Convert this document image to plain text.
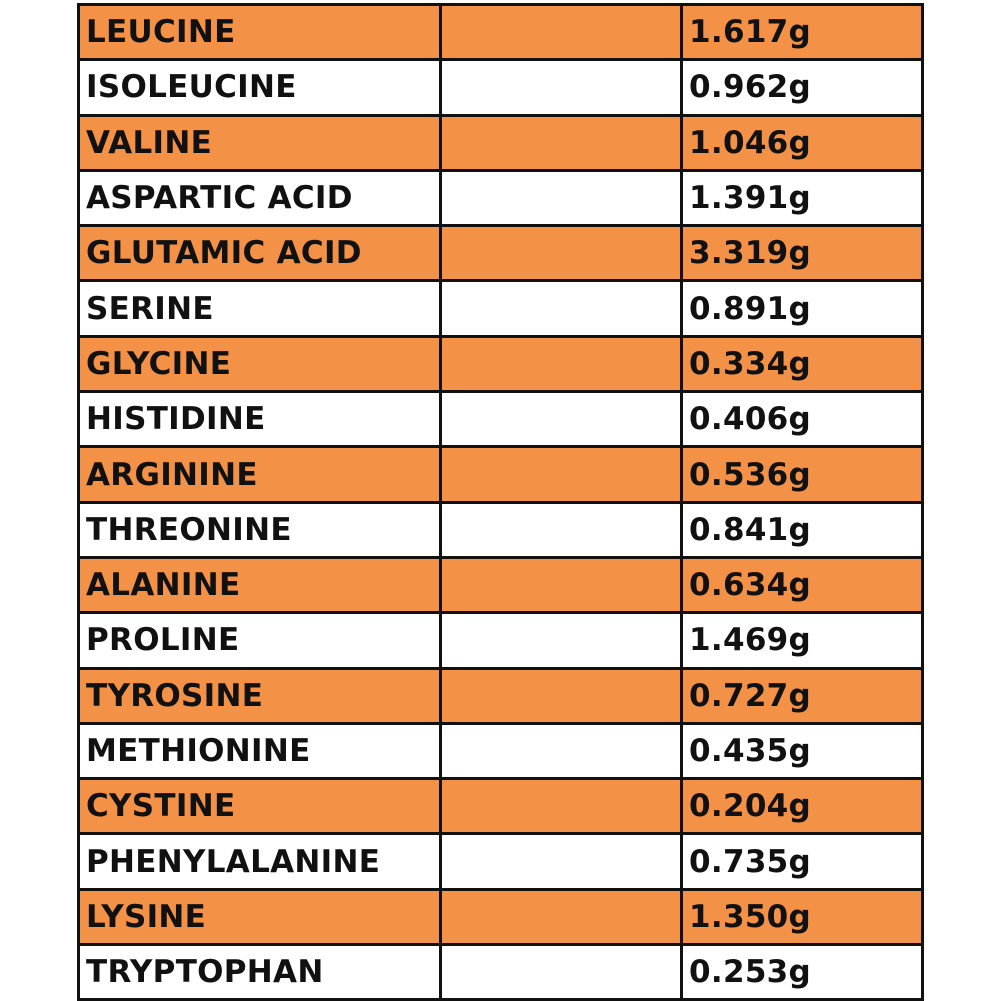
LEUCINE		1.617g
ISOLEUCINE		0.962g
VALINE		1.046g
ASPARTIC ACID		1.391g
GLUTAMIC ACID		3.319g
SERINE		0.891g
GLYCINE		0.334g
HISTIDINE		0.406g
ARGININE		0.536g
THREONINE		0.841g
ALANINE		0.634g
PROLINE		1.469g
TYROSINE		0.727g
METHIONINE		0.435g
CYSTINE		0.204g
PHENYLALANINE		0.735g
LYSINE		1.350g
TRYPTOPHAN		0.253g
